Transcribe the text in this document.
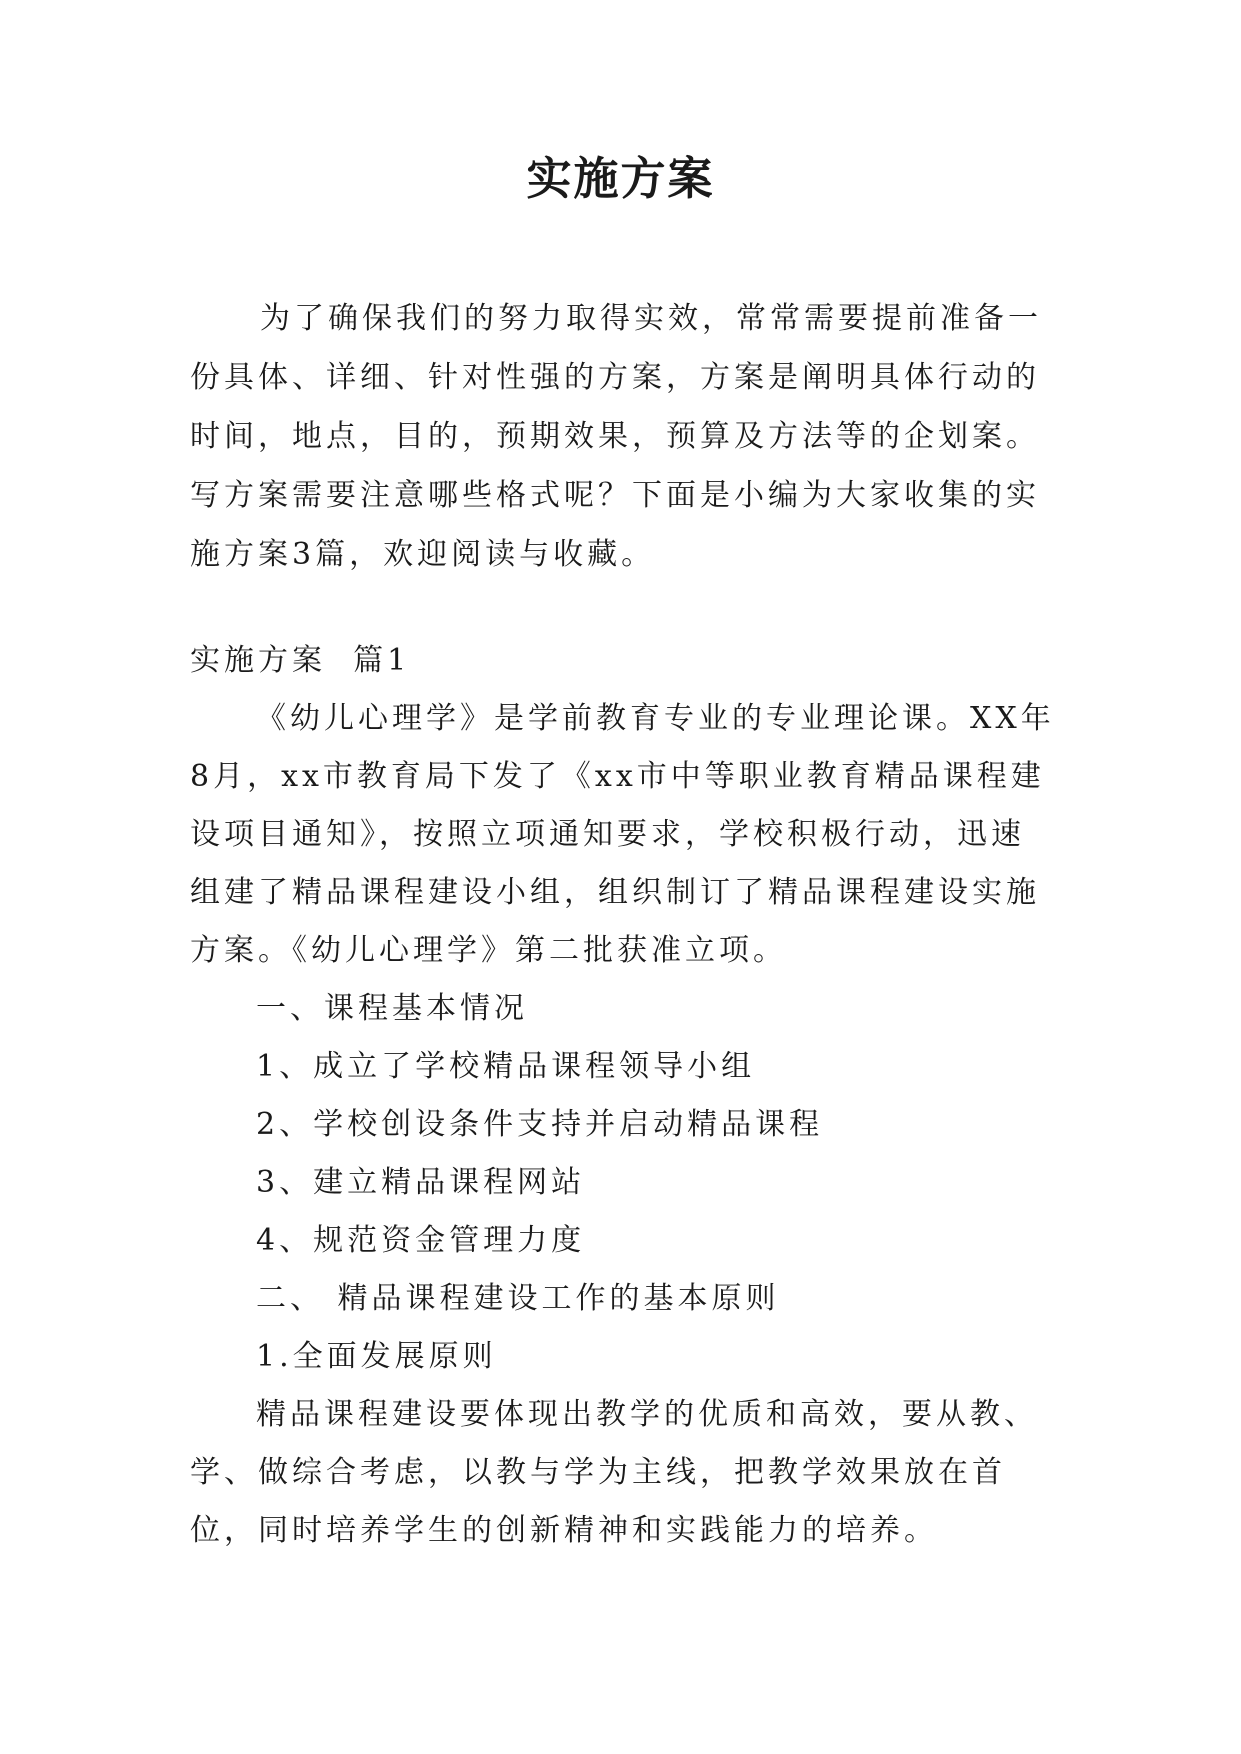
实施方案

为了确保我们的努力取得实效，常常需要提前准备一份具体、详细、针对性强的方案，方案是阐明具体行动的时间，地点，目的，预期效果，预算及方法等的企划案。写方案需要注意哪些格式呢？下面是小编为大家收集的实施方案3篇，欢迎阅读与收藏。

实施方案  篇1

《幼儿心理学》是学前教育专业的专业理论课。XX年8月，xx市教育局下发了《xx市中等职业教育精品课程建设项目通知》，按照立项通知要求，学校积极行动，迅速组建了精品课程建设小组，组织制订了精品课程建设实施方案。《幼儿心理学》第二批获准立项。

一、课程基本情况

1、成立了学校精品课程领导小组

2、学校创设条件支持并启动精品课程

3、建立精品课程网站

4、规范资金管理力度

二、 精品课程建设工作的基本原则

1.全面发展原则

精品课程建设要体现出教学的优质和高效，要从教、学、做综合考虑，以教与学为主线，把教学效果放在首位，同时培养学生的创新精神和实践能力的培养。
